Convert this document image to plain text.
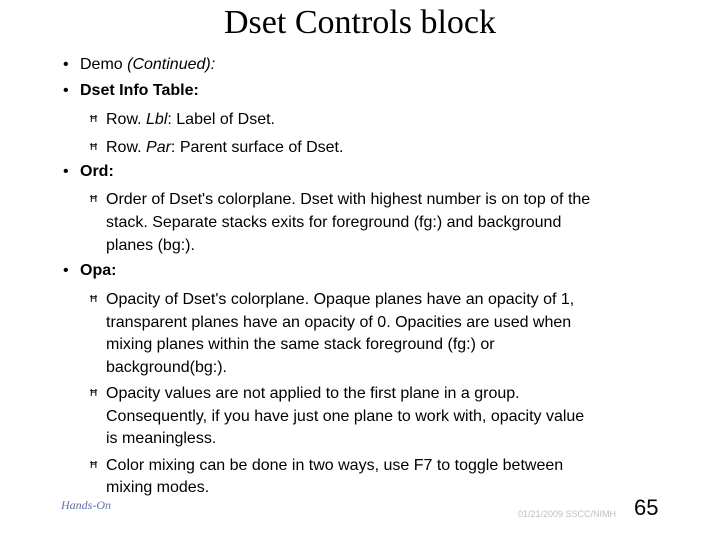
Dset Controls block
• Demo (Continued):
• Dset Info Table:
Ħ Row. Lbl: Label of Dset.
Ħ Row. Par: Parent surface of Dset.
• Ord:
Ħ Order of Dset's colorplane. Dset with highest number is on top of the
stack. Separate stacks exits for foreground (fg:) and background
planes (bg:).
• Opa:
Ħ Opacity of Dset's colorplane. Opaque planes have an opacity of 1,
transparent planes have an opacity of 0. Opacities are used when
mixing planes within the same stack foreground (fg:) or
background(bg:).
Ħ Opacity values are not applied to the first plane in a group.
Consequently, if you have just one plane to work with, opacity value
is meaningless.
Ħ Color mixing can be done in two ways, use F7 to toggle between
mixing modes.
Hands-On
01/21/2009 SSCC/NIMH 65
